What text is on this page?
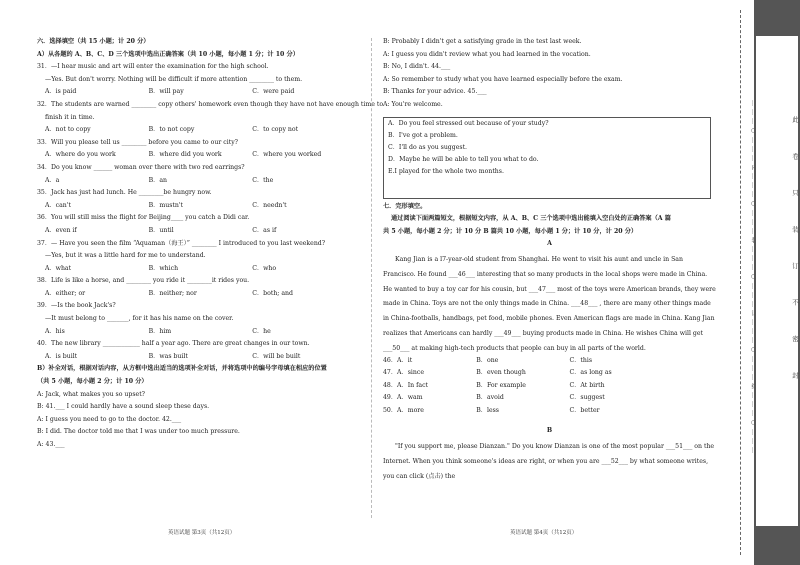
六．选择填空（共 15 小题；计 20 分）
A）从各题的 A、B、C、D 三个选项中选出正确答案（共 10 小题，每小题 1 分；计 10 分）
31．—I hear music and art will enter the examination for the high school.
—Yes. But don't worry. Nothing will be difficult if more attention ________ to them.
A．is paid	B．will pay	C．were paid
32．The students are warned ________ copy others' homework even though they have not have enough time to
finish it in time.
A．not to copy	B．to not copy	C．to copy not
33．Will you please tell us ________ before you came to our city?
A．where do you work	B．where did you work	C．where you worked
34．Do you know ______ woman over there with two red earrings?
A．a	B．an	C．the
35．Jack has just had lunch. He ________be hungry now.
A．can't	B．mustn't	C．needn't
36．You will still miss the flight for Beijing____ you catch a Didi car.
A．even if	B．until	C．as if
37．— Have you seen the film “Aquaman（海王）” ________ I introduced to you last weekend?
—Yes, but it was a little hard for me to understand.
A．what	B．which	C．who
38．Life is like a horse, and ________ you ride it ________it rides you.
A．either; or	B．neither; nor	C．both; and
39．—Is the book Jack's?
—It must belong to _______, for it has his name on the cover.
A．his	B．him	C．he
40．The new library ____________ half a year ago. There are great changes in our town.
A．is built	B．was built	C．will be built
B）补全对话，根据对话内容，从方框中选出适当的选项补全对话，并将选项中的编号字母填在相应的位置
（共 5 小题，每小题 2 分；计 10 分）
A: Jack, what makes you so upset?
B: 41.___ I could hardly have a sound sleep these days.
A: I guess you need to go to the doctor. 42.___
B: I did. The doctor told me that I was under too much pressure.
A: 43.___
英语试题 第3页（共12页）
B: Probably I didn't get a satisfying grade in the test last week.
A: I guess you didn't review what you had learned in the vocation.
B: No, I didn't. 44.___
A: So remember to study what you have learned especially before the exam.
B: Thanks for your advice. 45.___
A: You're welcome.
A．Do you feel stressed out because of your study?
B．I've got a problem.
C．I'll do as you suggest.
D．Maybe he will be able to tell you what to do.
E.I played for the whole two months.
七．完形填空。
通过阅读下面两篇短文，根据短文内容，从 A、B、C 三个选项中选出能填入空白处的正确答案（A 篇
共 5 小题，每小题 2 分；计 10 分 B 篇共 10 小题，每小题 1 分；计 10 分，计 20 分）
A

Kang Jian is a l7-year-old student from Shanghai. He went to visit his aunt and uncle in San Francisco. He found ___46___ interesting that so many products in the local shops were made in China. He wanted to buy a toy car for his cousin, but ___47___ most of the toys were American brands, they were made in China. Toys are not the only things made in China. ___48___ , there are many other things made in China-footballs, handbags, pet food, mobile phones. Even American flags are made in China. Kang Jian realizes that Americans can hardly ___49___ buying products made in China. He wishes China will get ___50___ at making high-tech products that people can buy in all parts of the world.

46．A．it	B．one	C．this
47．A．since	B．even though	C．as long as
48．A．In fact	B．For example	C．At birth
49．A．wam	B．avoid	C．suggest
50．A．more	B．less	C．better
B

"If you support me, please Dianzan." Do you know Dianzan is one of the most popular ___51___ on the Internet. When you think someone's ideas are right, or when you are ___52___ by what someone writes, you can click (点击) the

英语试题 第4页（共12页）
此 卷 只 装 订 不 密 封
